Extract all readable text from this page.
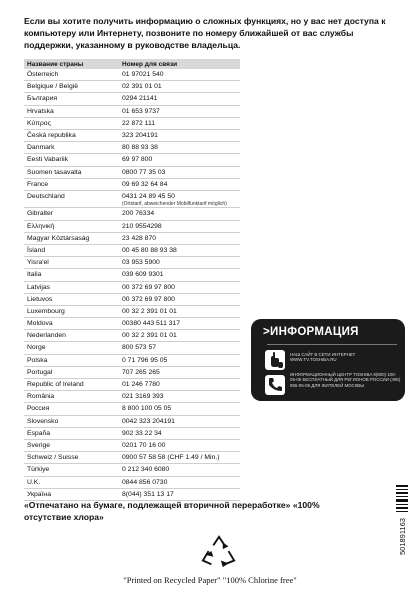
Если вы хотите получить информацию о сложных функциях, но у вас нет доступа к компьютеру или Интернету, позвоните по номеру ближайшей от вас службы поддержки, указанному в руководстве владельца.
Название страны	Номер для связи
Österreich	01 97021 540
Belgique / België	02 391 01 01
България	0294 21141
Hrvatska	01 653 9737
Κύπρος	22 872 111
Česká republika	323 204191
Danmark	80 88 93 38
Eesti Vabariik	69 97 800
Suomen tasavalta	0800 77 35 03
France	09 69 32 64 84
Deutschland	0431 24 89 45 50
(Ortstarif, abweichender Mobilfunktarif möglich)
Gibralter	200 76334
Ελληνική	210 9554298
Magyar Köztársaság	23 428 870
Ísland	00 45 80 88 93 38
Yisra'el	03 953 5900
Italia	039 609 9301
Latvijas	00 372 69 97 800
Lietuvos	00 372 69 97 800
Luxembourg	00 32 2 391 01 01
Moldova	00380 443 511 317
Nederlanden	00 32 2 391 01 01
Norge	800 573 57
Polska	0 71 796 95 05
Portugal	707 265 265
Republic of Ireland	01 246 7780
România	021 3169 393
Россия	8 800 100 05 05
Slovensko	0042 323 204191
España	902 33 22 34
Sverige	0201 70 16 00
Schweiz / Suisse	0900 57 58 58 (CHF 1.49 / Min.)
Türkiye	0 212 340 6080
U.K.	0844 856 0730
Україна	8(044) 351 13 17
>ИНФОРМАЦИЯ
НАШ САЙТ В СЕТИ ИНТЕРНЕТ WWW.TV.TOSHIBA.RU
ИНФОРМАЦИОННЫЙ ЦЕНТР TOSHIBA 8(800) 100-05-05 БЕСПЛАТНЫЙ ДЛЯ РЕГИОНОВ РОССИИ (495) 955-05-05 ДЛЯ ЖИТЕЛЕЙ МОСКВЫ
«Отпечатано на бумаге, подлежащей вторичной переработке» «100% отсутствие хлора»
"Printed on Recycled Paper" "100% Chlorine free"
501891163
